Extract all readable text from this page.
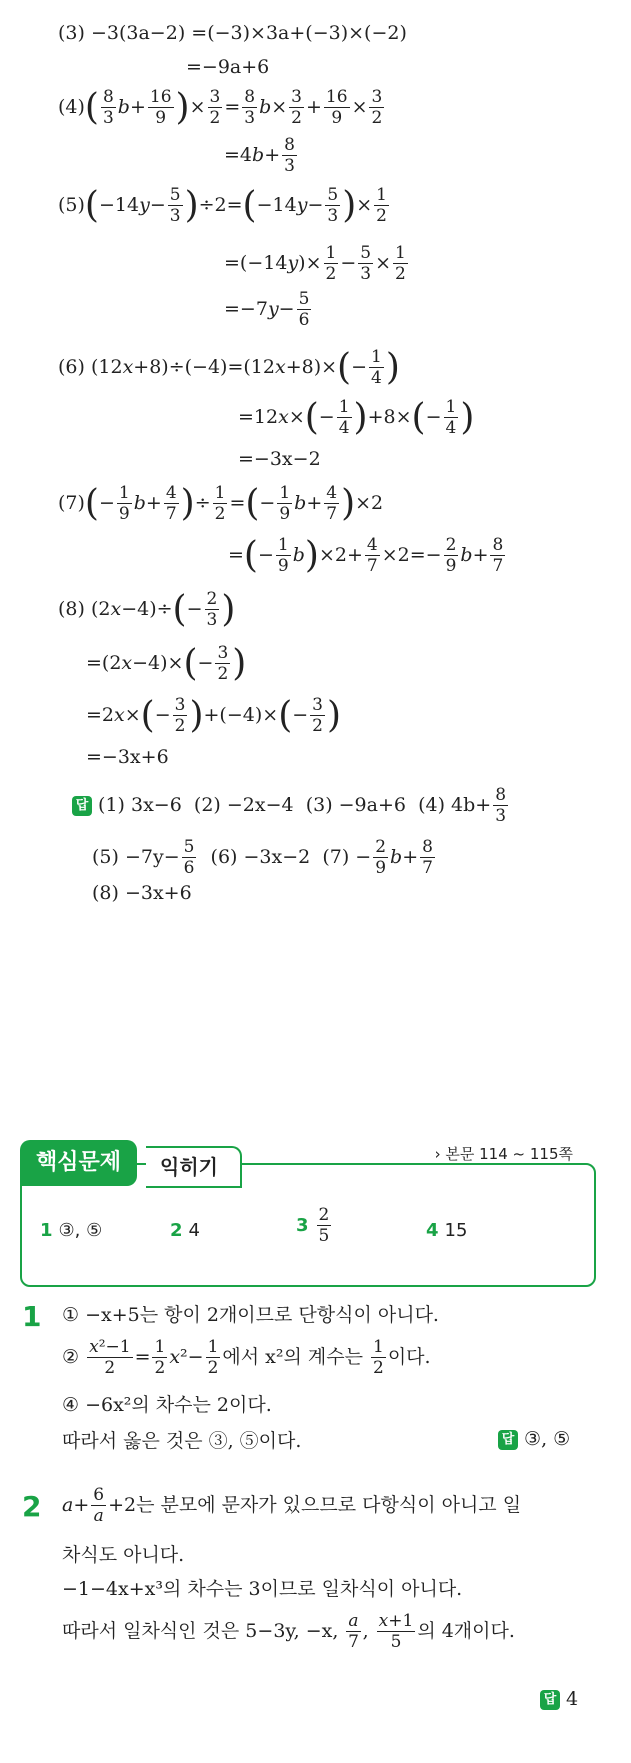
(3) −3(3a−2) =(−3)×3a+(−3)×(−2)
=−9a+6
$(4)( \frac{8}{3} b+ \frac{16}{9}$ )× $\frac{3}{2} = \frac{8}{3} b\times \frac{3}{2} + \frac{16}{9} \times \frac{3}{2}$
$=4b+ \frac{8}{3}$
$(5)(-14y- \frac{5}{3} )\div 2=(-14y- \frac{5}{3}$ )× $\frac{1}{2}$
$=(-14y)\times \frac{1}{2} - \frac{5}{3} \times \frac{1}{2}$
$=-7y- \frac{5}{6}$
(6) $(12x+8)\div(-4)=(12x+8)\times(- \frac{1}{4}$ )
$=12x\times(- \frac{1}{4} )+8\times(- \frac{1}{4}$ )
=−3x−2
$(7)(- \frac{1}{9} b+ \frac{4}{7}$ )÷ $\frac{1}{2}$ =(− $\frac{1}{9} b+ \frac{4}{7} )\times 2$
=(− $\frac{1}{9} b)\times 2+ \frac{4}{7} \times 2=- \frac{2}{9} b+ \frac{8}{7}$
(8) $(2x-4)\div(- \frac{2}{3}$ )
$=(2x-4)\times(- \frac{3}{2}$ )
$=2x\times(- \frac{3}{2} )+(-4)\times(- \frac{3}{2}$ )
=−3x+6
답 (1) 3x−6 (2) −2x−4 (3) −9a+6 (4) $4b+ \frac{8}{3}$
$(5) -7y- \frac{5}{6} (6) -3x-2$ $(7) - \frac{2}{9} b+ \frac{8}{7}$
(8) −3x+6
익히기
핵심문제	› 본문 114 ~ 115쪽
1 ③, ⑤	2 4	$3 \frac{2}{5}$	4 15
1 ① −x+5는 항이 2개이므로 단항식이 아니다.
② $\frac{\text{x²−1}}{2} = \frac{1}{2} x^2- \frac{1}{2}$ 에서 x²의 계수는 $\frac{1}{2}$ 이다.
④ −6x²의 차수는 2이다.
따라서 옳은 것은 ③, ⑤이다.	답 ③, ⑤
2 $a+ \frac{6}{a} +2$는 분모에 문자가 있으므로 다항식이 아니고 일
차식도 아니다.
−1−4x+x³의 차수는 3이므로 일차식이 아니다.
따라서 일차식인 것은 5−3y, −x, $\frac{a}{7}$ , $\frac{x+1}{5}$ 의 4개이다.
답 4
